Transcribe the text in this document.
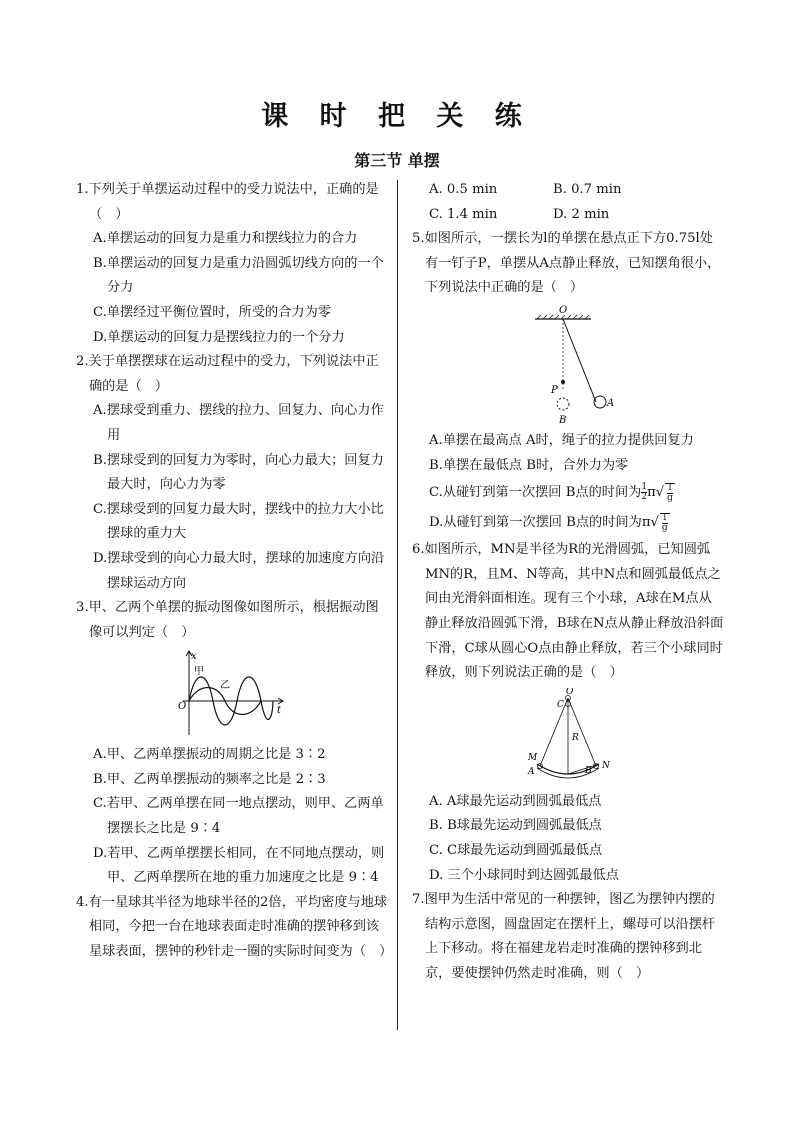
课 时 把 关 练
第三节 单摆
1.下列关于单摆运动过程中的受力说法中，正确的是（　）
A.单摆运动的回复力是重力和摆线拉力的合力
B.单摆运动的回复力是重力沿圆弧切线方向的一个分力
C.单摆经过平衡位置时，所受的合力为零
D.单摆运动的回复力是摆线拉力的一个分力
2.关于单摆摆球在运动过程中的受力，下列说法中正确的是（　）
A.摆球受到重力、摆线的拉力、回复力、向心力作用
B.摆球受到的回复力为零时，向心力最大；回复力最大时，向心力为零
C.摆球受到的回复力最大时，摆线中的拉力大小比摆球的重力大
D.摆球受到的向心力最大时，摆球的加速度方向沿摆球运动方向
3.甲、乙两个单摆的振动图像如图所示，根据振动图像可以判定（　）
x
t
O
甲
乙
A.甲、乙两单摆振动的周期之比是 3∶2
B.甲、乙两单摆振动的频率之比是 2∶3
C.若甲、乙两单摆在同一地点摆动，则甲、乙两单摆摆长之比是 9∶4
D.若甲、乙两单摆摆长相同，在不同地点摆动，则甲、乙两单摆所在地的重力加速度之比是 9∶4
4.有一星球其半径为地球半径的2倍，平均密度与地球相同，今把一台在地球表面走时准确的摆钟移到该星球表面，摆钟的秒针走一圈的实际时间变为（　）
A. 0.5 min	B. 0.7 min
C. 1.4 min	D. 2 min
5.如图所示，一摆长为l的单摆在悬点正下方0.75l处有一钉子P，单摆从A点静止释放，已知摆角很小，下列说法中正确的是（　）
O
P
A
B
A.单摆在最高点 A时，绳子的拉力提供回复力
B.单摆在最低点 B时，合外力为零
C.从碰钉到第一次摆回 B点的时间为 $\frac{1}{2}\pi√ \frac{l}{g}$
D.从碰钉到第一次摆回 B点的时间为$\pi√ \frac{l}{g}$
6.如图所示，MN是半径为R的光滑圆弧，已知圆弧MN的R，且M、N等高，其中N点和圆弧最低点之间由光滑斜面相连。现有三个小球，A球在M点从静止释放沿圆弧下滑，B球在N点从静止释放沿斜面下滑，C球从圆心O点由静止释放，若三个小球同时释放，则下列说法正确的是（　）
O
C
R
M
A	B N
A. A球最先运动到圆弧最低点
B. B球最先运动到圆弧最低点
C. C球最先运动到圆弧最低点
D. 三个小球同时到达圆弧最低点
7.图甲为生活中常见的一种摆钟，图乙为摆钟内摆的结构示意图，圆盘固定在摆杆上，螺母可以沿摆杆上下移动。将在福建龙岩走时准确的摆钟移到北京，要使摆钟仍然走时准确，则（　）
